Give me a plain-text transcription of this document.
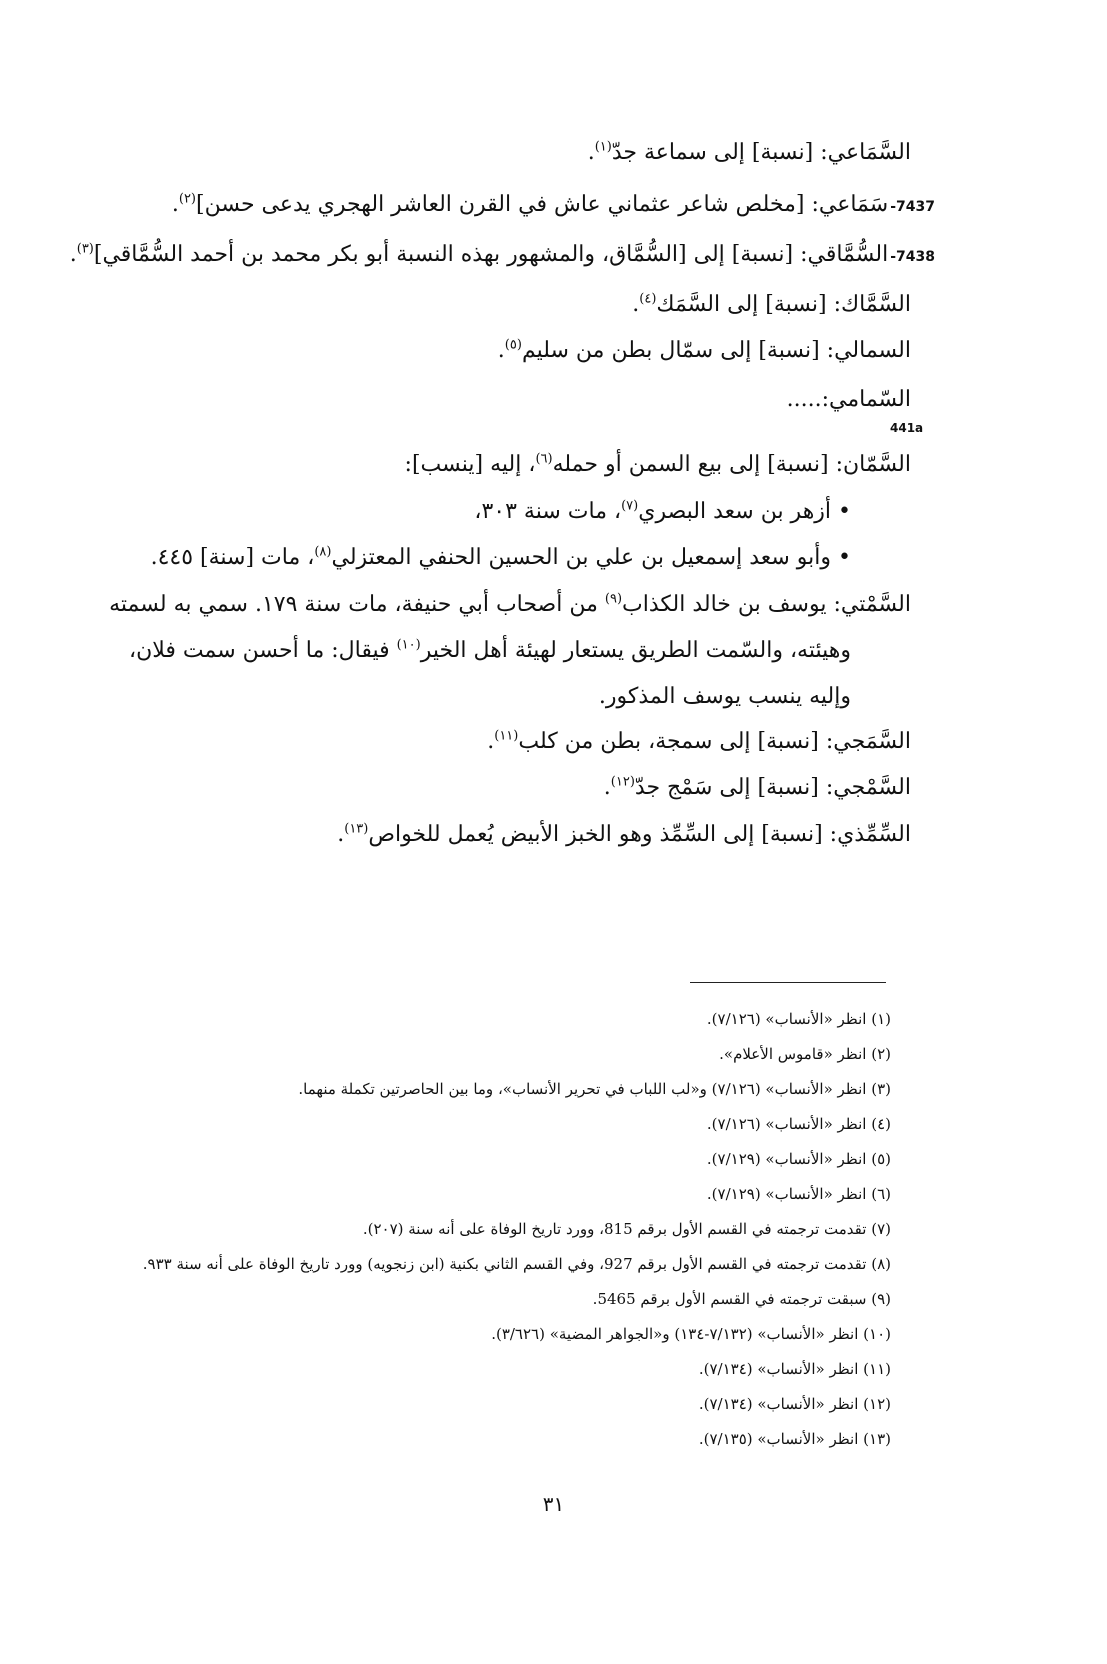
السَّمَاعي: [نسبة] إلى سماعة جدّ$^{(١)}$.
7437-سَمَاعي: [مخلص شاعر عثماني عاش في القرن العاشر الهجري يدعى حسن]$^{(٢)}$.
7438-السُّمَّاقي: [نسبة] إلى [السُّمَّاق، والمشهور بهذه النسبة أبو بكر محمد بن أحمد السُّمَّاقي]$^{(٣)}$.
السَّمَّاك: [نسبة] إلى السَّمَك$^{(٤)}$.
السمالي: [نسبة] إلى سمّال بطن من سليم$^{(٥)}$.
السّمامي:.....
441a
السَّمّان: [نسبة] إلى بيع السمن أو حمله$^{(٦)}$، إليه [ينسب]:
• أزهر بن سعد البصري$^{(٧)}$، مات سنة ٣٠٣،
• وأبو سعد إسمعيل بن علي بن الحسين الحنفي المعتزلي$^{(٨)}$، مات [سنة] ٤٤٥.
السَّمْتي: يوسف بن خالد الكذاب$^{(٩)}$ من أصحاب أبي حنيفة، مات سنة ١٧٩. سمي به لسمته
وهيئته، والسّمت الطريق يستعار لهيئة أهل الخير$^{(١٠)}$ فيقال: ما أحسن سمت فلان،
وإليه ينسب يوسف المذكور.
السَّمَجي: [نسبة] إلى سمجة، بطن من كلب$^{(١١)}$.
السَّمْجي: [نسبة] إلى سَمْج جدّ$^{(١٢)}$.
السِّمِّذي: [نسبة] إلى السِّمِّذ وهو الخبز الأبيض يُعمل للخواص$^{(١٣)}$.
(١) انظر «الأنساب» (٧/١٢٦).
(٢) انظر «قاموس الأعلام».
(٣) انظر «الأنساب» (٧/١٢٦) و«لب اللباب في تحرير الأنساب»، وما بين الحاصرتين تكملة منهما.
(٤) انظر «الأنساب» (٧/١٢٦).
(٥) انظر «الأنساب» (٧/١٢٩).
(٦) انظر «الأنساب» (٧/١٢٩).
(٧) تقدمت ترجمته في القسم الأول برقم 815، وورد تاريخ الوفاة على أنه سنة (٢٠٧).
(٨) تقدمت ترجمته في القسم الأول برقم 927، وفي القسم الثاني بكنية (ابن زنجويه) وورد تاريخ الوفاة على أنه سنة ٩٣٣.
(٩) سبقت ترجمته في القسم الأول برقم 5465.
(١٠) انظر «الأنساب» (٧/١٣٢-١٣٤) و«الجواهر المضية» (٣/٦٢٦).
(١١) انظر «الأنساب» (٧/١٣٤).
(١٢) انظر «الأنساب» (٧/١٣٤).
(١٣) انظر «الأنساب» (٧/١٣٥).
٣١
